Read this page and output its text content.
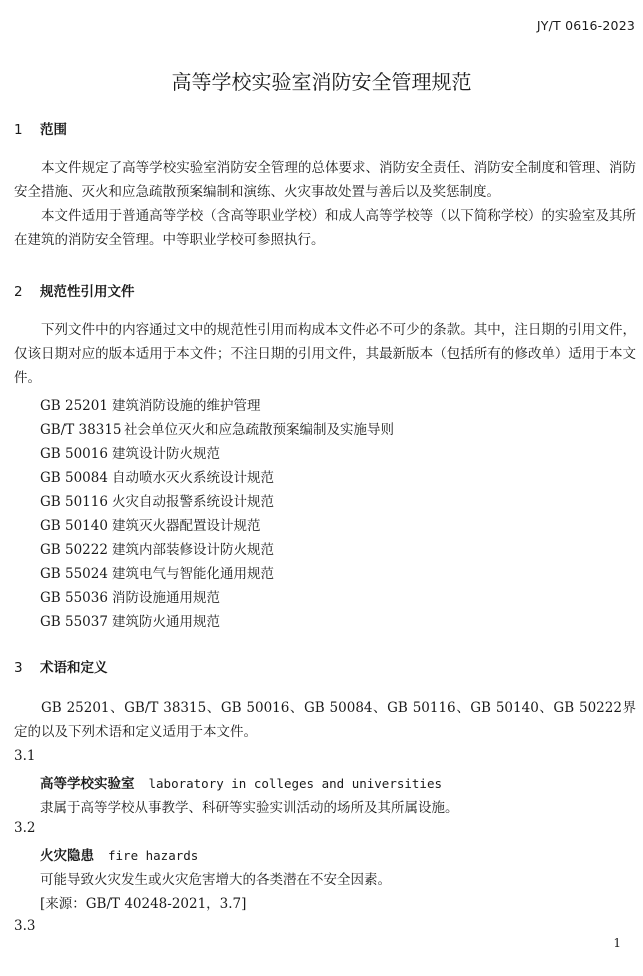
JY/T 0616-2023
高等学校实验室消防安全管理规范
1 范围
本文件规定了高等学校实验室消防安全管理的总体要求、消防安全责任、消防安全制度和管理、消防安全措施、灭火和应急疏散预案编制和演练、火灾事故处置与善后以及奖惩制度。
本文件适用于普通高等学校（含高等职业学校）和成人高等学校等（以下简称学校）的实验室及其所在建筑的消防安全管理。中等职业学校可参照执行。
2 规范性引用文件
下列文件中的内容通过文中的规范性引用而构成本文件必不可少的条款。其中，注日期的引用文件，仅该日期对应的版本适用于本文件；不注日期的引用文件，其最新版本（包括所有的修改单）适用于本文件。
GB 25201 建筑消防设施的维护管理
GB/T 38315 社会单位灭火和应急疏散预案编制及实施导则
GB 50016 建筑设计防火规范
GB 50084 自动喷水灭火系统设计规范
GB 50116 火灾自动报警系统设计规范
GB 50140 建筑灭火器配置设计规范
GB 50222 建筑内部装修设计防火规范
GB 55024 建筑电气与智能化通用规范
GB 55036 消防设施通用规范
GB 55037 建筑防火通用规范
3 术语和定义
GB 25201、GB/T 38315、GB 50016、GB 50084、GB 50116、GB 50140、GB 50222界定的以及下列术语和定义适用于本文件。
3.1
高等学校实验室 laboratory in colleges and universities
隶属于高等学校从事教学、科研等实验实训活动的场所及其所属设施。
3.2
火灾隐患 fire hazards
可能导致火灾发生或火灾危害增大的各类潜在不安全因素。
[来源：GB/T 40248-2021，3.7]
3.3
1
